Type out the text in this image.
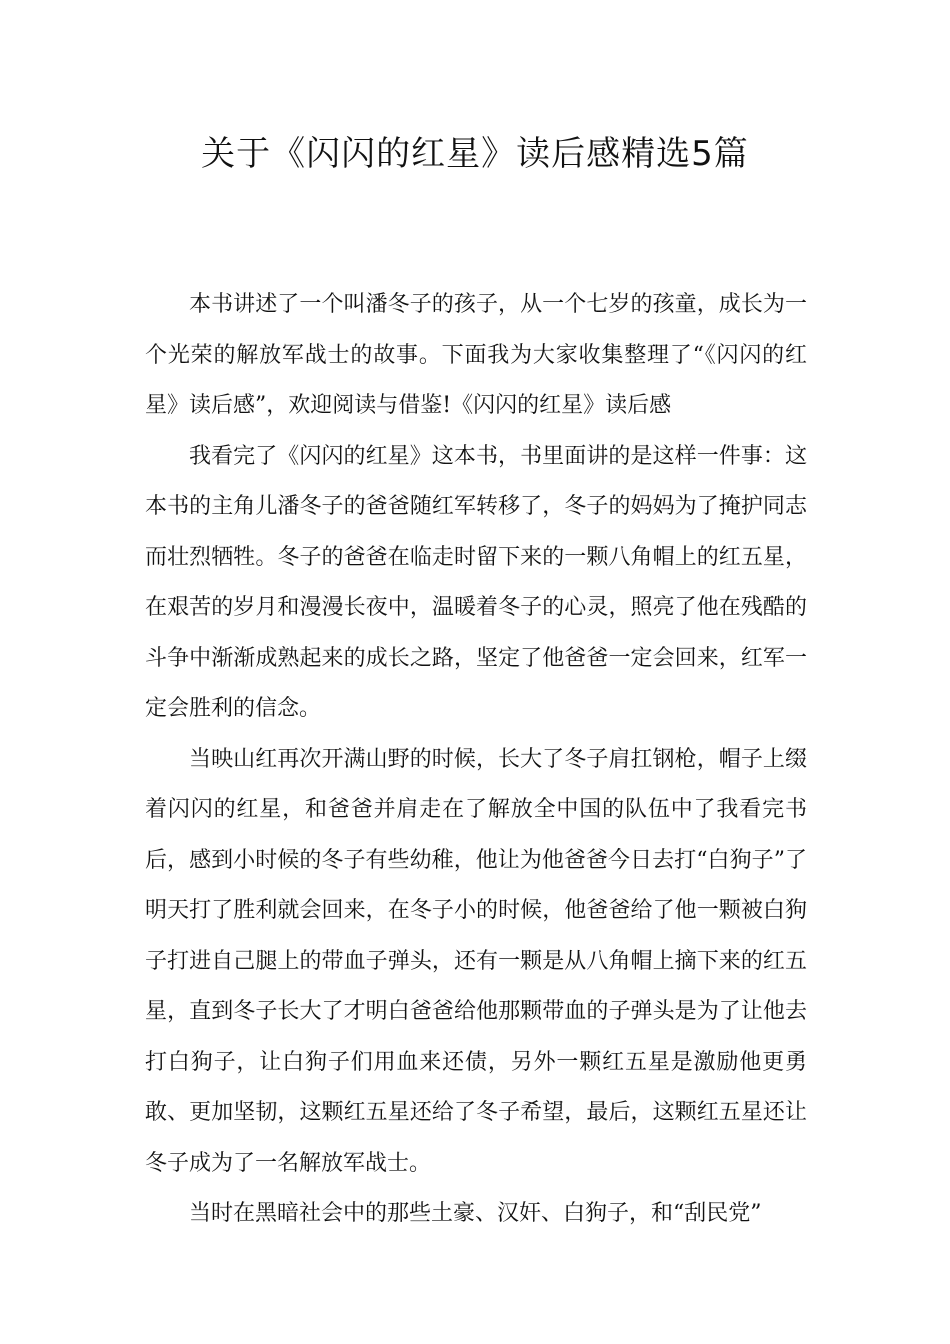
关于《闪闪的红星》读后感精选5篇

本书讲述了一个叫潘冬子的孩子，从一个七岁的孩童，成长为一个光荣的解放军战士的故事。下面我为大家收集整理了“《闪闪的红星》读后感”，欢迎阅读与借鉴!《闪闪的红星》读后感

我看完了《闪闪的红星》这本书，书里面讲的是这样一件事：这本书的主角儿潘冬子的爸爸随红军转移了，冬子的妈妈为了掩护同志而壮烈牺牲。冬子的爸爸在临走时留下来的一颗八角帽上的红五星，在艰苦的岁月和漫漫长夜中，温暖着冬子的心灵，照亮了他在残酷的斗争中渐渐成熟起来的成长之路，坚定了他爸爸一定会回来，红军一定会胜利的信念。

当映山红再次开满山野的时候，长大了冬子肩扛钢枪，帽子上缀着闪闪的红星，和爸爸并肩走在了解放全中国的队伍中了我看完书后，感到小时候的冬子有些幼稚，他让为他爸爸今日去打“白狗子”了明天打了胜利就会回来，在冬子小的时候，他爸爸给了他一颗被白狗子打进自己腿上的带血子弹头，还有一颗是从八角帽上摘下来的红五星，直到冬子长大了才明白爸爸给他那颗带血的子弹头是为了让他去打白狗子，让白狗子们用血来还债，另外一颗红五星是激励他更勇敢、更加坚韧，这颗红五星还给了冬子希望，最后，这颗红五星还让冬子成为了一名解放军战士。

当时在黑暗社会中的那些土豪、汉奸、白狗子，和“刮民党”
